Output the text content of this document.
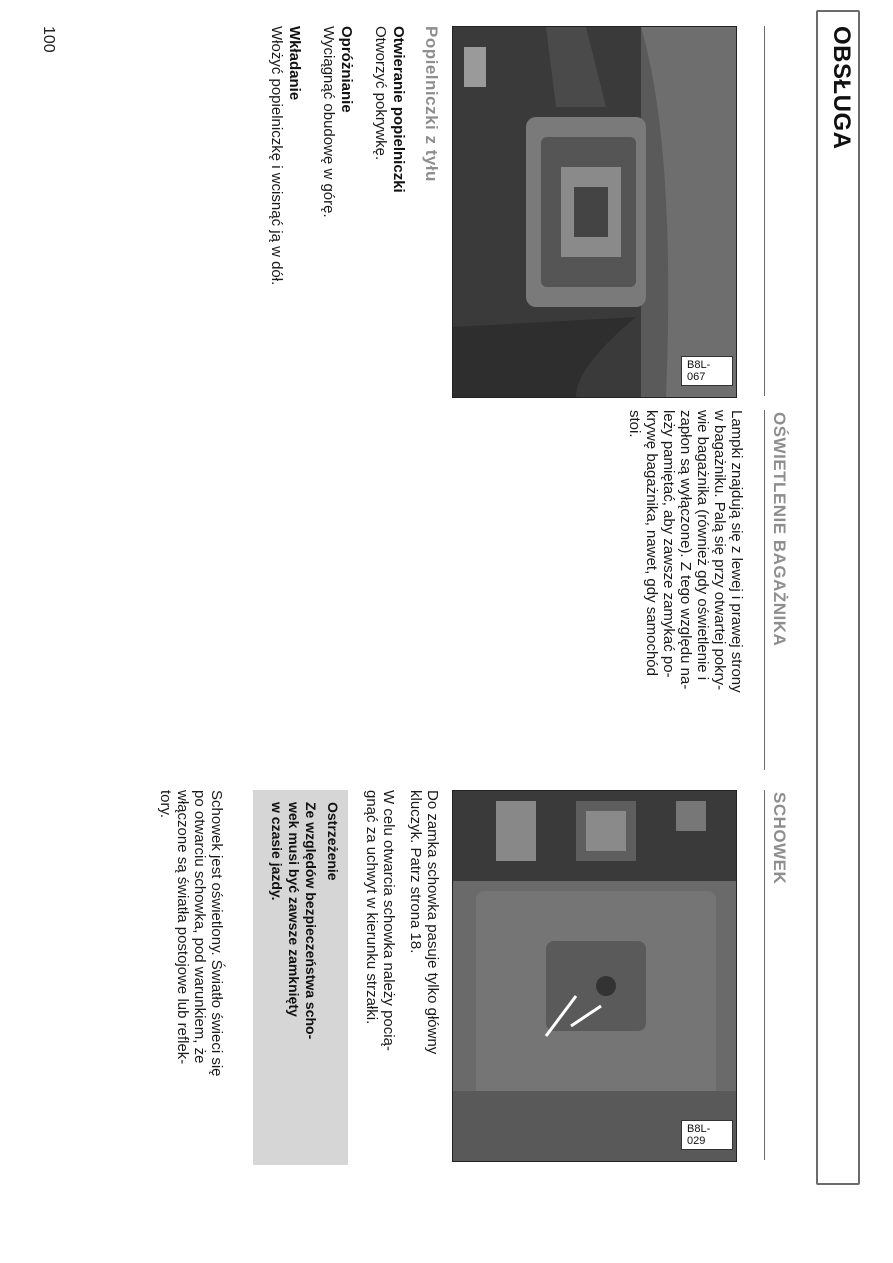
OBSŁUGA
B8L-067
Popielniczki z tyłu
Otwieranie popielniczki
Otworzyć pokrywkę.
Opróżnianie
Wyciągnąć obudowę w górę.
Wkładanie
Włożyć popielniczkę i wcisnąć ją w dół.
OŚWIETLENIE BAGAŻNIKA
Lampki znajdują się z lewej i prawej strony
w bagażniku. Palą się przy otwartej pokry-
wie bagażnika (również gdy oświetlenie i
zapłon są wyłączone). Z tego względu na-
leży pamiętać, aby zawsze zamykać po-
krywę bagażnika, nawet, gdy samochód
stoi.
SCHOWEK
B8L-029
Do zamka schowka pasuje tylko główny
kluczyk. Patrz strona 18.
W celu otwarcia schowka należy pocią-
gnąć za uchwyt w kierunku strzałki.
Ostrzeżenie
Ze względów bezpieczeństwa scho-
wek musi być zawsze zamknięty
w czasie jazdy.
Schowek jest oświetlony. Światło świeci się
po otwarciu schowka, pod warunkiem, że
włączone są światła postojowe lub reflek-
tory.
100
